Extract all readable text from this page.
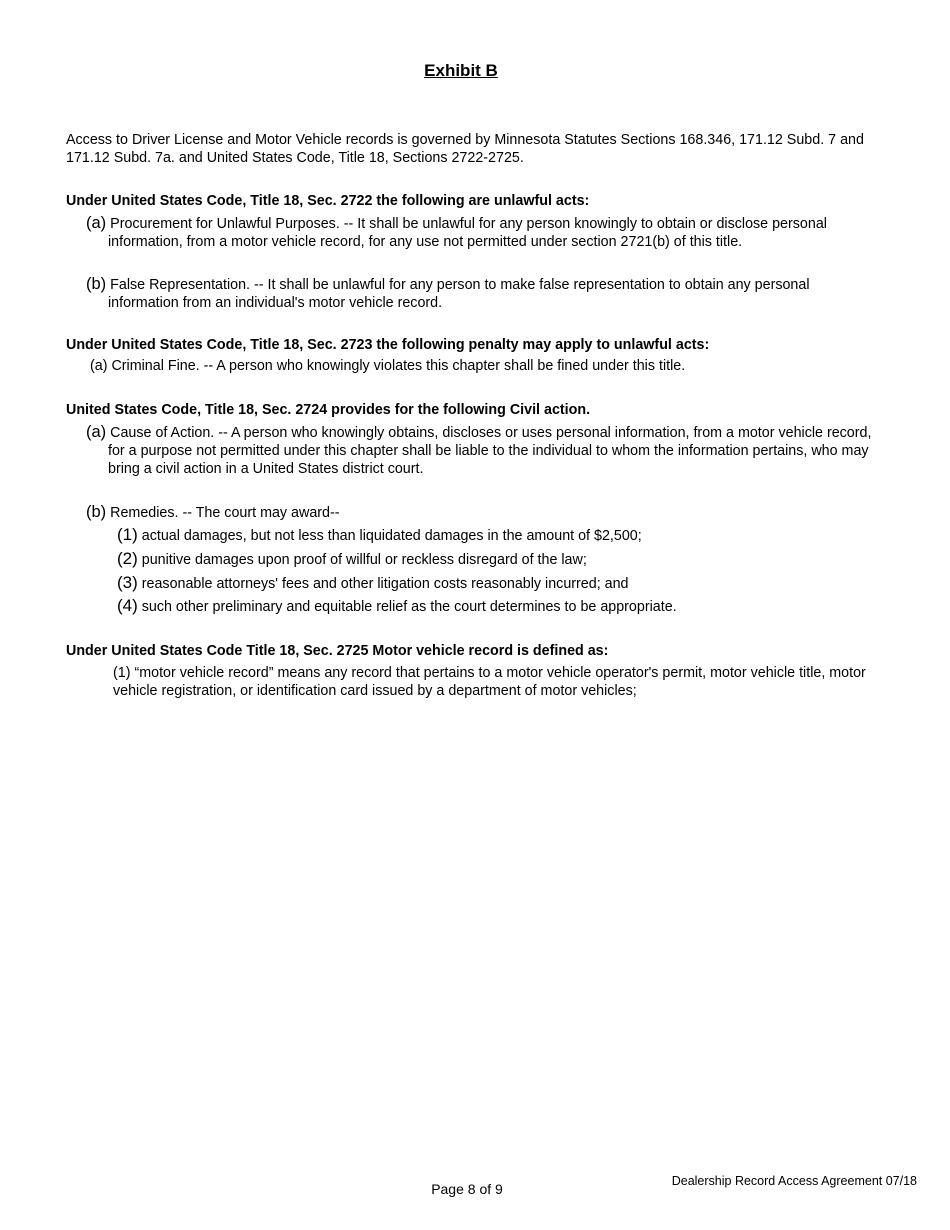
Exhibit B
Access to Driver License and Motor Vehicle records is governed by Minnesota Statutes Sections 168.346, 171.12 Subd. 7 and 171.12 Subd. 7a. and United States Code, Title 18, Sections 2722-2725.
Under United States Code, Title 18, Sec. 2722 the following are unlawful acts:
(a) Procurement for Unlawful Purposes. -- It shall be unlawful for any person knowingly to obtain or disclose personal information, from a motor vehicle record, for any use not permitted under section 2721(b) of this title.
(b) False Representation. -- It shall be unlawful for any person to make false representation to obtain any personal information from an individual's motor vehicle record.
Under United States Code, Title 18, Sec. 2723 the following penalty may apply to unlawful acts:
(a) Criminal Fine. -- A person who knowingly violates this chapter shall be fined under this title.
United States Code, Title 18, Sec. 2724 provides for the following Civil action.
(a) Cause of Action. -- A person who knowingly obtains, discloses or uses personal information, from a motor vehicle record, for a purpose not permitted under this chapter shall be liable to the individual to whom the information pertains, who may bring a civil action in a United States district court.
(b) Remedies. -- The court may award--
(1) actual damages, but not less than liquidated damages in the amount of $2,500;
(2) punitive damages upon proof of willful or reckless disregard of the law;
(3) reasonable attorneys' fees and other litigation costs reasonably incurred; and
(4) such other preliminary and equitable relief as the court determines to be appropriate.
Under United States Code Title 18, Sec. 2725 Motor vehicle record is defined as:
(1) “motor vehicle record” means any record that pertains to a motor vehicle operator's permit, motor vehicle title, motor vehicle registration, or identification card issued by a department of motor vehicles;
Page 8 of 9	Dealership Record Access Agreement 07/18
